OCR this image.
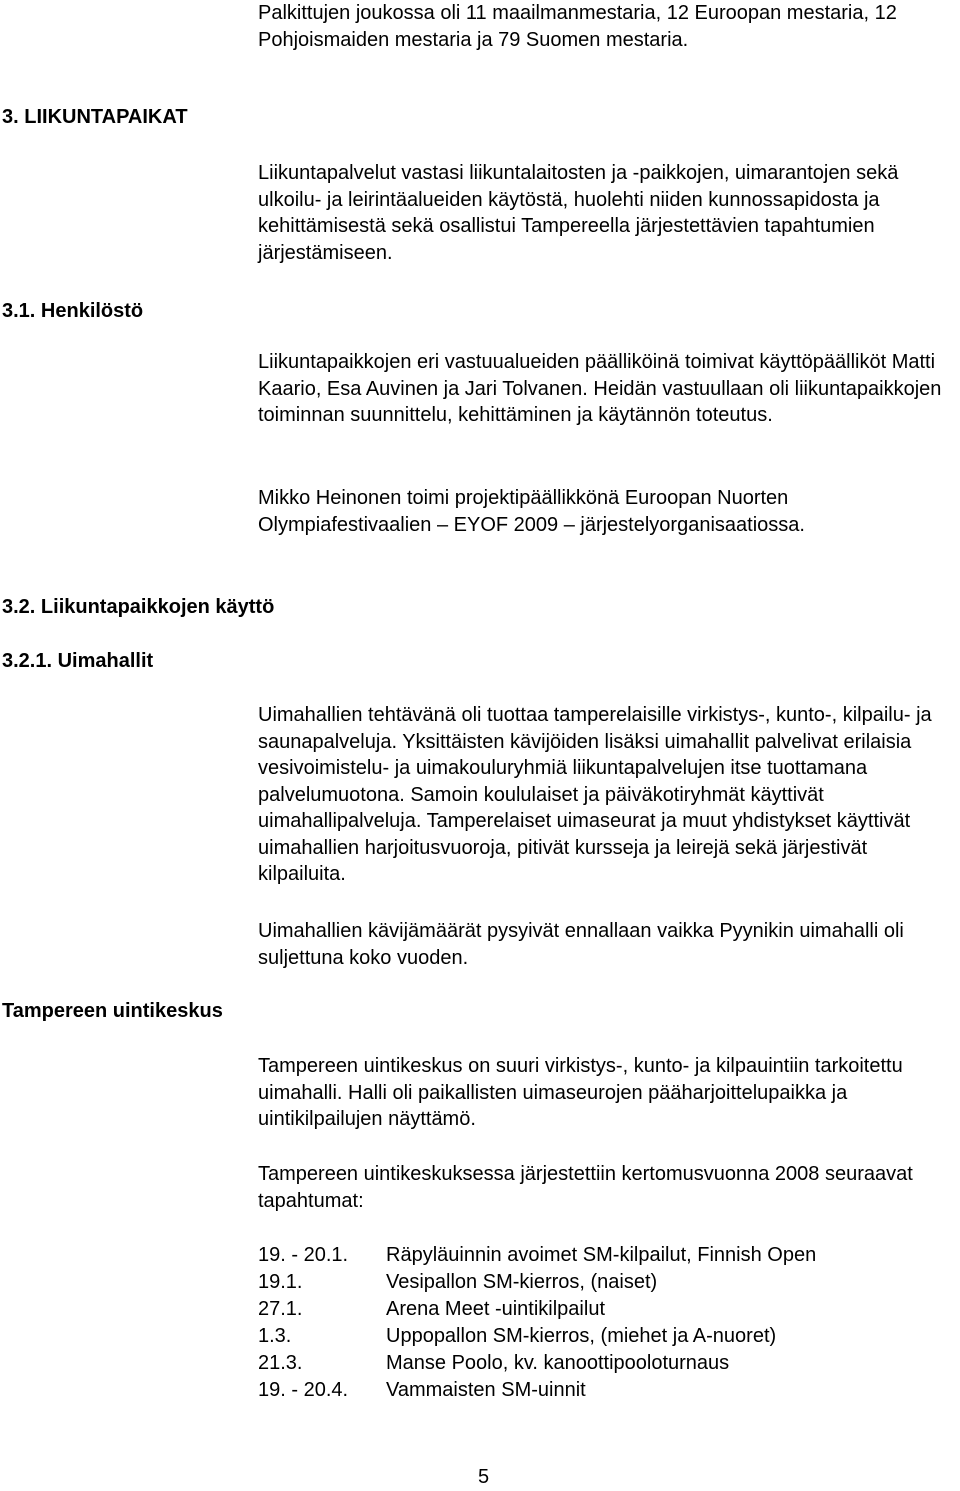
Palkittujen joukossa oli 11 maailmanmestaria, 12 Euroopan mestaria, 12 Pohjoismaiden mestaria ja 79 Suomen mestaria.

3. LIIKUNTAPAIKAT

Liikuntapalvelut vastasi liikuntalaitosten ja -paikkojen, uimarantojen sekä ulkoilu- ja leirintäalueiden käytöstä, huolehti niiden kunnossapidosta ja kehittämisestä sekä osallistui Tampereella järjestettävien tapahtumien järjestämiseen.

3.1. Henkilöstö

Liikuntapaikkojen eri vastuualueiden päälliköinä toimivat käyttöpäälliköt Matti Kaario, Esa Auvinen ja Jari Tolvanen. Heidän vastuullaan oli liikuntapaikkojen toiminnan suunnittelu, kehittäminen ja käytännön toteutus.

Mikko Heinonen toimi projektipäällikkönä Euroopan Nuorten Olympiafestivaalien – EYOF 2009 – järjestelyorganisaatiossa.

3.2. Liikuntapaikkojen käyttö
3.2.1. Uimahallit

Uimahallien tehtävänä oli tuottaa tamperelaisille virkistys-, kunto-, kilpailu- ja saunapalveluja. Yksittäisten kävijöiden lisäksi uimahallit palvelivat erilaisia vesivoimistelu- ja uimakouluryhmiä liikuntapalvelujen itse tuottamana palvelumuotona. Samoin koululaiset ja päiväkotiryhmät käyttivät uimahallipalveluja. Tamperelaiset uimaseurat ja muut yhdistykset käyttivät uimahallien harjoitusvuoroja, pitivät kursseja ja leirejä sekä järjestivät kilpailuita.

Uimahallien kävijämäärät pysyivät ennallaan vaikka Pyynikin uimahalli oli suljettuna koko vuoden.

Tampereen uintikeskus

Tampereen uintikeskus on suuri virkistys-, kunto- ja kilpauintiin tarkoitettu uimahalli. Halli oli paikallisten uimaseurojen pääharjoittelupaikka ja uintikilpailujen näyttämö.

Tampereen uintikeskuksessa järjestettiin kertomusvuonna 2008 seuraavat tapahtumat:

19. - 20.1.	Räpyläuinnin avoimet SM-kilpailut, Finnish Open
19.1.	Vesipallon SM-kierros, (naiset)
27.1.	Arena Meet -uintikilpailut
1.3.	Uppopallon SM-kierros, (miehet ja A-nuoret)
21.3.	Manse Poolo, kv. kanoottipooloturnaus
19. - 20.4.	Vammaisten SM-uinnit
5
